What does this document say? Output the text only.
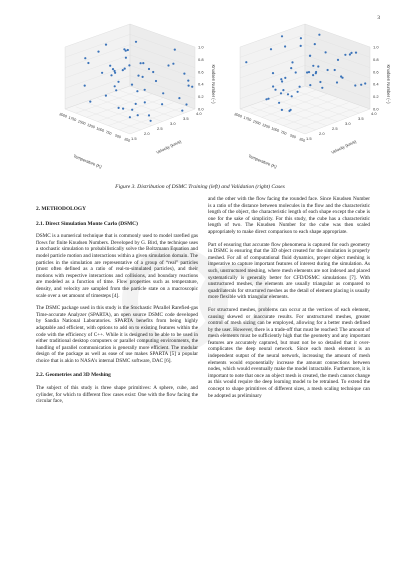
3
0.0
0.2
0.4
0.6
0.8
1.0
2000
1750
1500
1250
1000 750
500
250 1.5
2.0
2.5
3.0
3.5
4.0
Temperature (K)
Velocity (km/s)
Knudsen Number (−)
0.0
0.2
0.4
0.6
0.8
1.0
2000
1750
1500
1250
1000 750
500
250 1.5
2.0
2.5
3.0
3.5
4.0
Temperature (K)
Velocity (km/s)
Knudsen Number (−)
Figure 3. Distribution of DSMC Training (left) and Validation (right) Cases
2. METHODOLOGY
2.1. Direct Simulation Monte Carlo (DSMC)

DSMC is a numerical technique that is commonly used to model rarefied gas flows for finite Knudsen Numbers. Developed by G. Bird, the technique uses a stochastic simulation to probabilistically solve the Boltzmann Equation and model particle motion and interactions within a given simulation domain. The particles in the simulation are representative of a group of “real” particles (most often defined as a ratio of real-to-simulated particles), and their motions with respective interactions and collisions, and boundary reactions are modeled as a function of time. Flow properties such as temperature, density, and velocity are sampled from the particle state on a macroscopic scale over a set amount of timesteps [4].

The DSMC package used in this study is the Stochastic PArallel Rarefied-gas Time-accurate Analyzer (SPARTA), an open source DSMC code developed by Sandia National Laboratories. SPARTA benefits from being highly adaptable and efficient, with options to add on to existing features within the code with the efficiency of C++. While it is designed to be able to be used in either traditional desktop computers or parallel computing environments, the handling of parallel communication is generally more efficient. The modular design of the package as well as ease of use makes SPARTA [5] a popular choice that is akin to NASA’s internal DSMC software, DAC [6].

2.2. Geometries and 3D Meshing

The subject of this study is three shape primitives: A sphere, cube, and cylinder, for which to different flow cases exist: One with the flow facing the circular face,

and the other with the flow facing the rounded face. Since Knudsen Number is a ratio of the distance between molecules in the flow and the characteristic length of the object, the characteristic length of each shape except the cube is one for the sake of simplicity. For this study, the cube has a characteristic length of two. The Knudsen Number for the cube was then scaled appropriately to make direct comparison to each shape appropriate.

Part of ensuring that accurate flow phenomena is captured for each geometry in DSMC is ensuring that the 3D object created for the simulation is properly meshed. For all of computational fluid dynamics, proper object meshing is imperative to capture important features of interest during the simulation. As such, unstructured meshing, where mesh elements are not indexed and placed systematically is generally better for CFD/DSMC simulations [7]. With unstructured meshes, the elements are usually triangular as compared to quadrilaterals for structured meshes as the detail of element placing is usually more flexible with triangular elements.

For structured meshes, problems can occur at the vertices of each element, causing skewed or inaccurate results. For unstructured meshes, greater control of mesh sizing can be employed, allowing for a better mesh defined by the user. However, there is a trade-off that must be reached: The amount of mesh elements must be sufficiently high that the geometry and any important features are accurately captured, but must not be so detailed that it over-complicates the deep neural network. Since each mesh element is an independent output of the neural network, increasing the amount of mesh elements would exponentially increase the amount connections between nodes, which would eventually make the model intractable. Furthermore, it is important to note that once an object mesh is created, the mesh cannot change as this would require the deep learning model to be retrained. To extend the concept to shape primitives of different sizes, a mesh scaling technique can be adopted as preliminary
